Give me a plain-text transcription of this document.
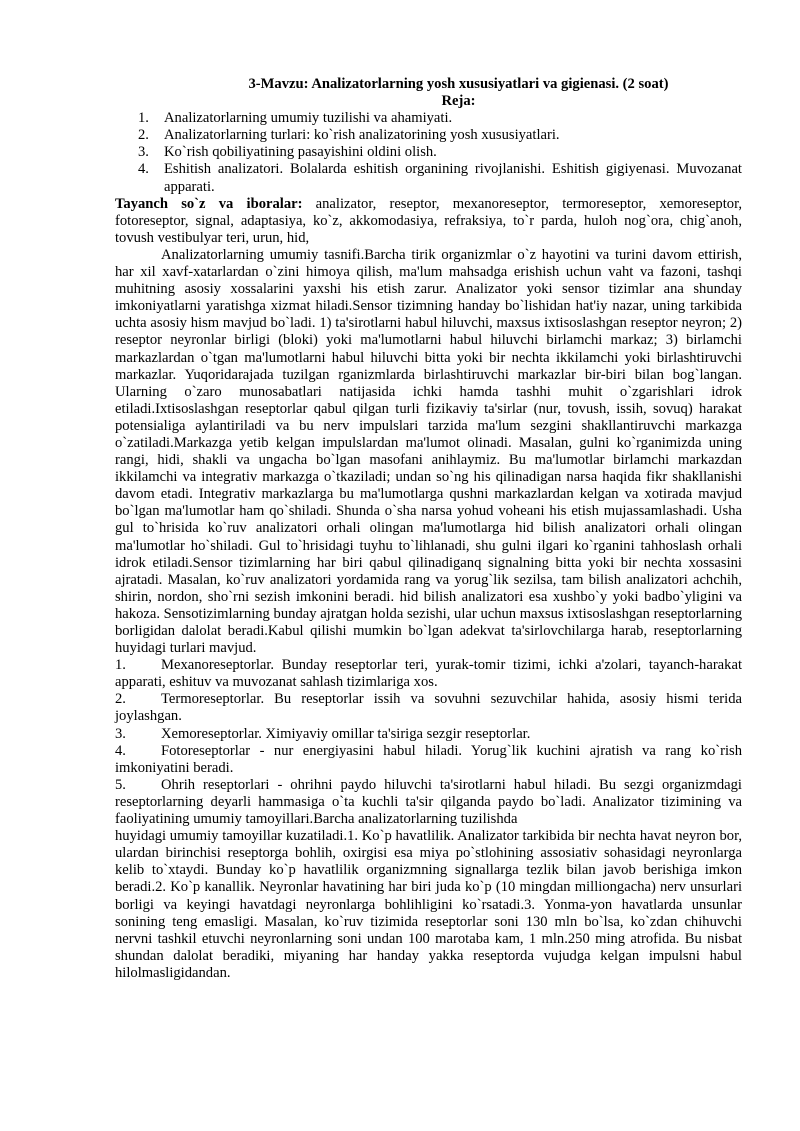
3-Mavzu: Analizatorlarning yosh xususiyatlari va gigienasi. (2 soat)
Reja:
1. Analizatorlarning umumiy tuzilishi va ahamiyati.
2. Analizatorlarning turlari: ko`rish analizatorining yosh xususiyatlari.
3. Ko`rish qobiliyatining pasayishini oldini olish.
4. Eshitish analizatori. Bolalarda eshitish organining rivojlanishi. Eshitish gigiyenasi. Muvozanat apparati.
Tayanch so`z va iboralar: analizator, reseptor, mexanoreseptor, termoreseptor, xemoreseptor, fotoreseptor, signal, adaptasiya, ko`z, akkomodasiya, refraksiya, to`r parda, huloh nog`ora, chig`anoh, tovush vestibulyar teri, urun, hid,
Analizatorlarning umumiy tasnifi.Barcha tirik organizmlar o`z hayotini va turini davom ettirish, har xil xavf-xatarlardan o`zini himoya qilish, ma'lum mahsadga erishish uchun vaht va fazoni, tashqi muhitning asosiy xossalarini yaxshi his etish zarur. Analizator yoki sensor tizimlar ana shunday imkoniyatlarni yaratishga xizmat hiladi.Sensor tizimning handay bo`lishidan hat'iy nazar, uning tarkibida uchta asosiy hism mavjud bo`ladi. 1) ta'sirotlarni habul hiluvchi, maxsus ixtisoslashgan reseptor neyron; 2) reseptor neyronlar birligi (bloki) yoki ma'lumotlarni habul hiluvchi birlamchi markaz; 3) birlamchi markazlardan o`tgan ma'lumotlarni habul hiluvchi bitta yoki bir nechta ikkilamchi yoki birlashtiruvchi markazlar. Yuqoridarajada tuzilgan rganizmlarda birlashtiruvchi markazlar bir-biri bilan bog`langan. Ularning o`zaro munosabatlari natijasida ichki hamda tashhi muhit o`zgarishlari idrok etiladi.Ixtisoslashgan reseptorlar qabul qilgan turli fizikaviy ta'sirlar (nur, tovush, issih, sovuq) harakat potensialiga aylantiriladi va bu nerv impulslari tarzida ma'lum sezgini shakllantiruvchi markazga o`zatiladi.Markazga yetib kelgan impulslardan ma'lumot olinadi. Masalan, gulni ko`rganimizda uning rangi, hidi, shakli va ungacha bo`lgan masofani anihlaymiz. Bu ma'lumotlar birlamchi markazdan ikkilamchi va integrativ markazga o`tkaziladi; undan so`ng his qilinadigan narsa haqida fikr shakllanishi davom etadi. Integrativ markazlarga bu ma'lumotlarga qushni markazlardan kelgan va xotirada mavjud bo`lgan ma'lumotlar ham qo`shiladi. Shunda o`sha narsa yohud voheani his etish mujassamlashadi. Usha gul to`hrisida ko`ruv analizatori orhali olingan ma'lumotlarga hid bilish analizatori orhali olingan ma'lumotlar ho`shiladi. Gul to`hrisidagi tuyhu to`lihlanadi, shu gulni ilgari ko`rganini tahhoslash orhali idrok etiladi.Sensor tizimlarning har biri qabul qilinadiganq signalning bitta yoki bir nechta xossasini ajratadi. Masalan, ko`ruv analizatori yordamida rang va yorug`lik sezilsa, tam bilish analizatori achchih, shirin, nordon, sho`rni sezish imkonini beradi. hid bilish analizatori esa xushbo`y yoki badbo`yligini va hakoza. Sensotizimlarning bunday ajratgan holda sezishi, ular uchun maxsus ixtisoslashgan reseptorlarning borligidan dalolat beradi.Kabul qilishi mumkin bo`lgan adekvat ta'sirlovchilarga harab, reseptorlarning huyidagi turlari mavjud.
1. Mexanoreseptorlar. Bunday reseptorlar teri, yurak-tomir tizimi, ichki a'zolari, tayanch-harakat apparati, eshituv va muvozanat sahlash tizimlariga xos.
2. Termoreseptorlar. Bu reseptorlar issih va sovuhni sezuvchilar hahida, asosiy hismi terida joylashgan.
3. Xemoreseptorlar. Ximiyaviy omillar ta'siriga sezgir reseptorlar.
4. Fotoreseptorlar - nur energiyasini habul hiladi. Yorug`lik kuchini ajratish va rang ko`rish imkoniyatini beradi.
5. Ohrih reseptorlari - ohrihni paydo hiluvchi ta'sirotlarni habul hiladi. Bu sezgi organizmdagi reseptorlarning deyarli hammasiga o`ta kuchli ta'sir qilganda paydo bo`ladi. Analizator tizimining va faoliyatining umumiy tamoyillari.Barcha analizatorlarning tuzilishda
huyidagi umumiy tamoyillar kuzatiladi.1. Ko`p havatlilik. Analizator tarkibida bir nechta havat neyron bor, ulardan birinchisi reseptorga bohlih, oxirgisi esa miya po`stlohining assosiativ sohasidagi neyronlarga kelib to`xtaydi. Bunday ko`p havatlilik organizmning signallarga tezlik bilan javob berishiga imkon beradi.2. Ko`p kanallik. Neyronlar havatining har biri juda ko`p (10 mingdan milliongacha) nerv unsurlari borligi va keyingi havatdagi neyronlarga bohlihligini ko`rsatadi.3. Yonma-yon havatlarda unsunlar sonining teng emasligi. Masalan, ko`ruv tizimida reseptorlar soni 130 mln bo`lsa, ko`zdan chihuvchi nervni tashkil etuvchi neyronlarning soni undan 100 marotaba kam, 1 mln.250 ming atrofida. Bu nisbat shundan dalolat beradiki, miyaning har handay yakka reseptorda vujudga kelgan impulsni habul hilolmasligidandan.
